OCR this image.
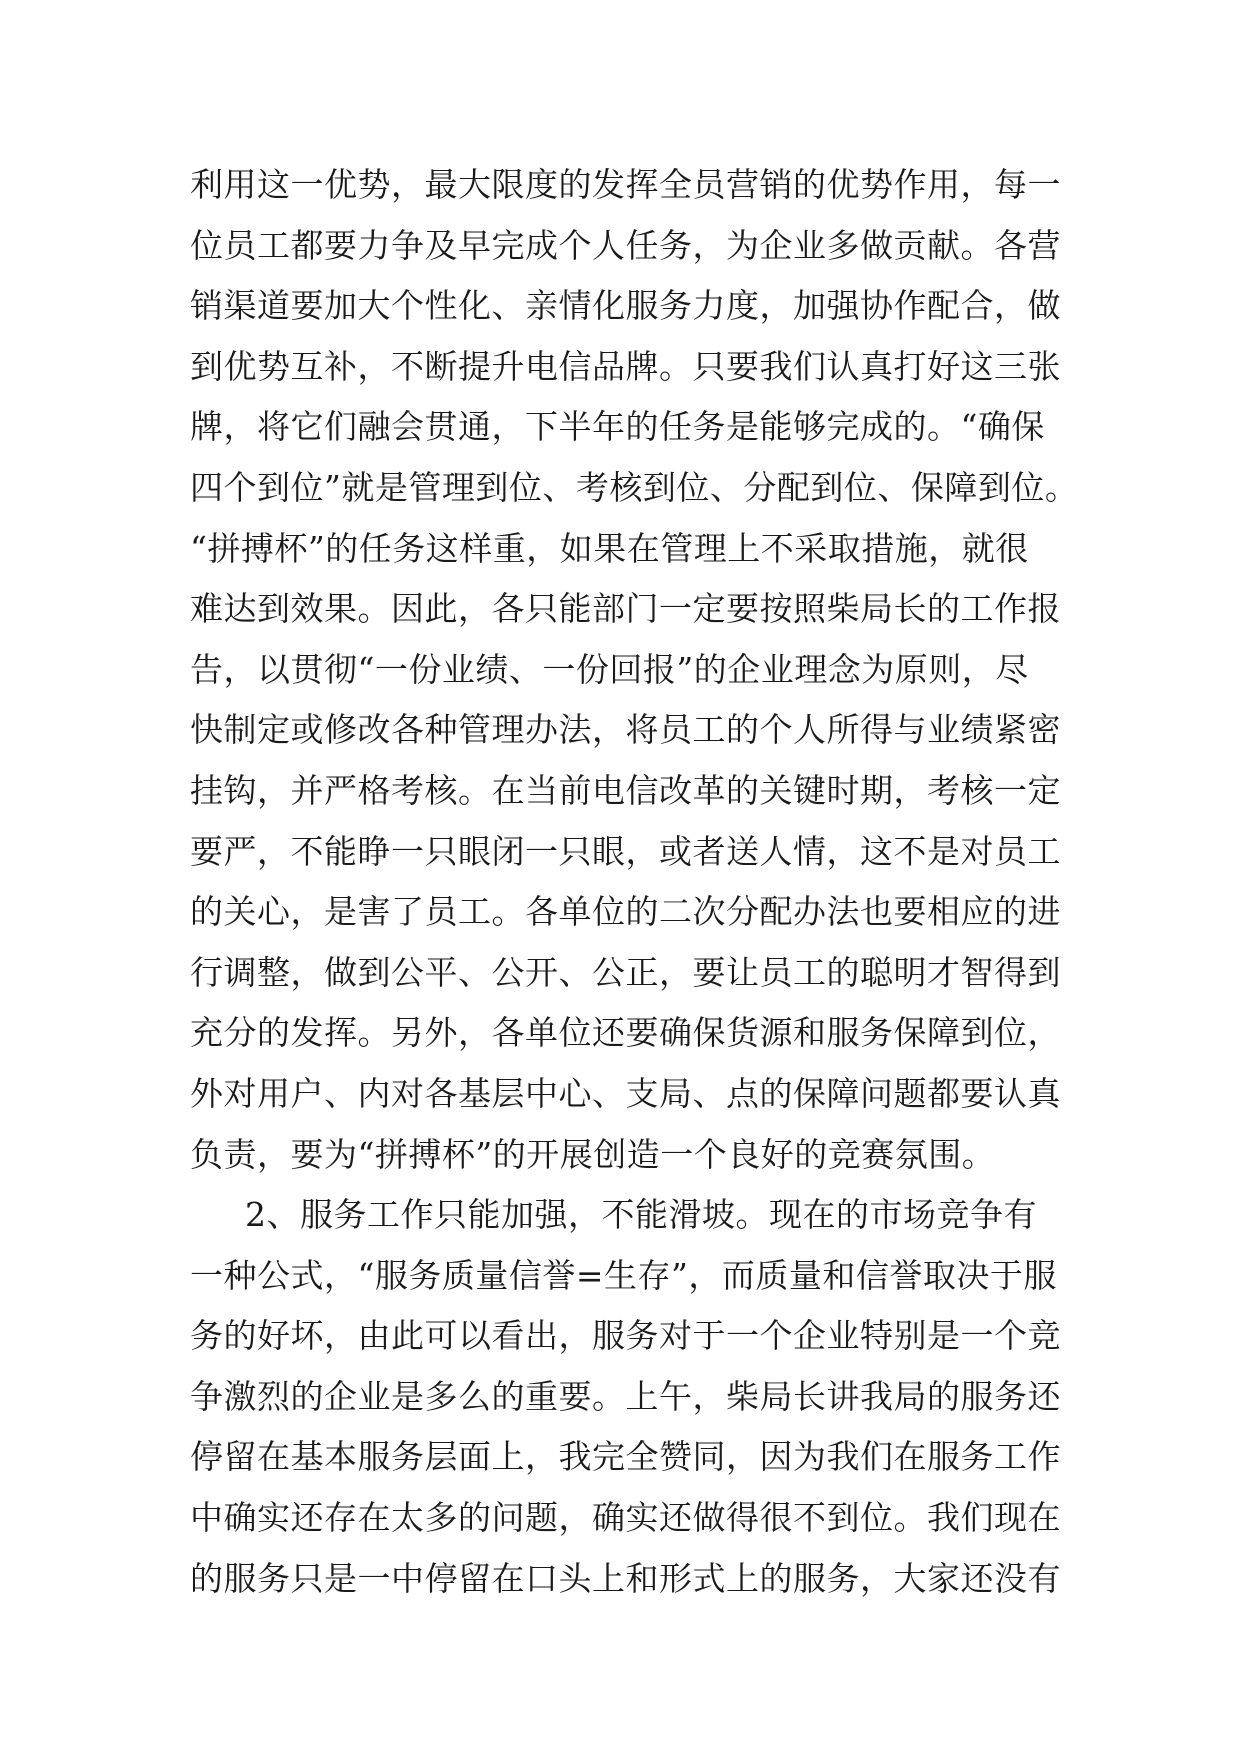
利用这一优势，最大限度的发挥全员营销的优势作用，每一
位员工都要力争及早完成个人任务，为企业多做贡献。各营
销渠道要加大个性化、亲情化服务力度，加强协作配合，做
到优势互补，不断提升电信品牌。只要我们认真打好这三张
牌，将它们融会贯通，下半年的任务是能够完成的。“确保
四个到位”就是管理到位、考核到位、分配到位、保障到位。
“拼搏杯”的任务这样重，如果在管理上不采取措施，就很
难达到效果。因此，各只能部门一定要按照柴局长的工作报
告，以贯彻“一份业绩、一份回报”的企业理念为原则，尽
快制定或修改各种管理办法，将员工的个人所得与业绩紧密
挂钩，并严格考核。在当前电信改革的关键时期，考核一定
要严，不能睁一只眼闭一只眼，或者送人情，这不是对员工
的关心，是害了员工。各单位的二次分配办法也要相应的进
行调整，做到公平、公开、公正，要让员工的聪明才智得到
充分的发挥。另外，各单位还要确保货源和服务保障到位，
外对用户、内对各基层中心、支局、点的保障问题都要认真
负责，要为“拼搏杯”的开展创造一个良好的竞赛氛围。
2、服务工作只能加强，不能滑坡。现在的市场竞争有
一种公式，“服务质量信誉=生存”，而质量和信誉取决于服
务的好坏，由此可以看出，服务对于一个企业特别是一个竞
争激烈的企业是多么的重要。上午，柴局长讲我局的服务还
停留在基本服务层面上，我完全赞同，因为我们在服务工作
中确实还存在太多的问题，确实还做得很不到位。我们现在
的服务只是一中停留在口头上和形式上的服务，大家还没有
